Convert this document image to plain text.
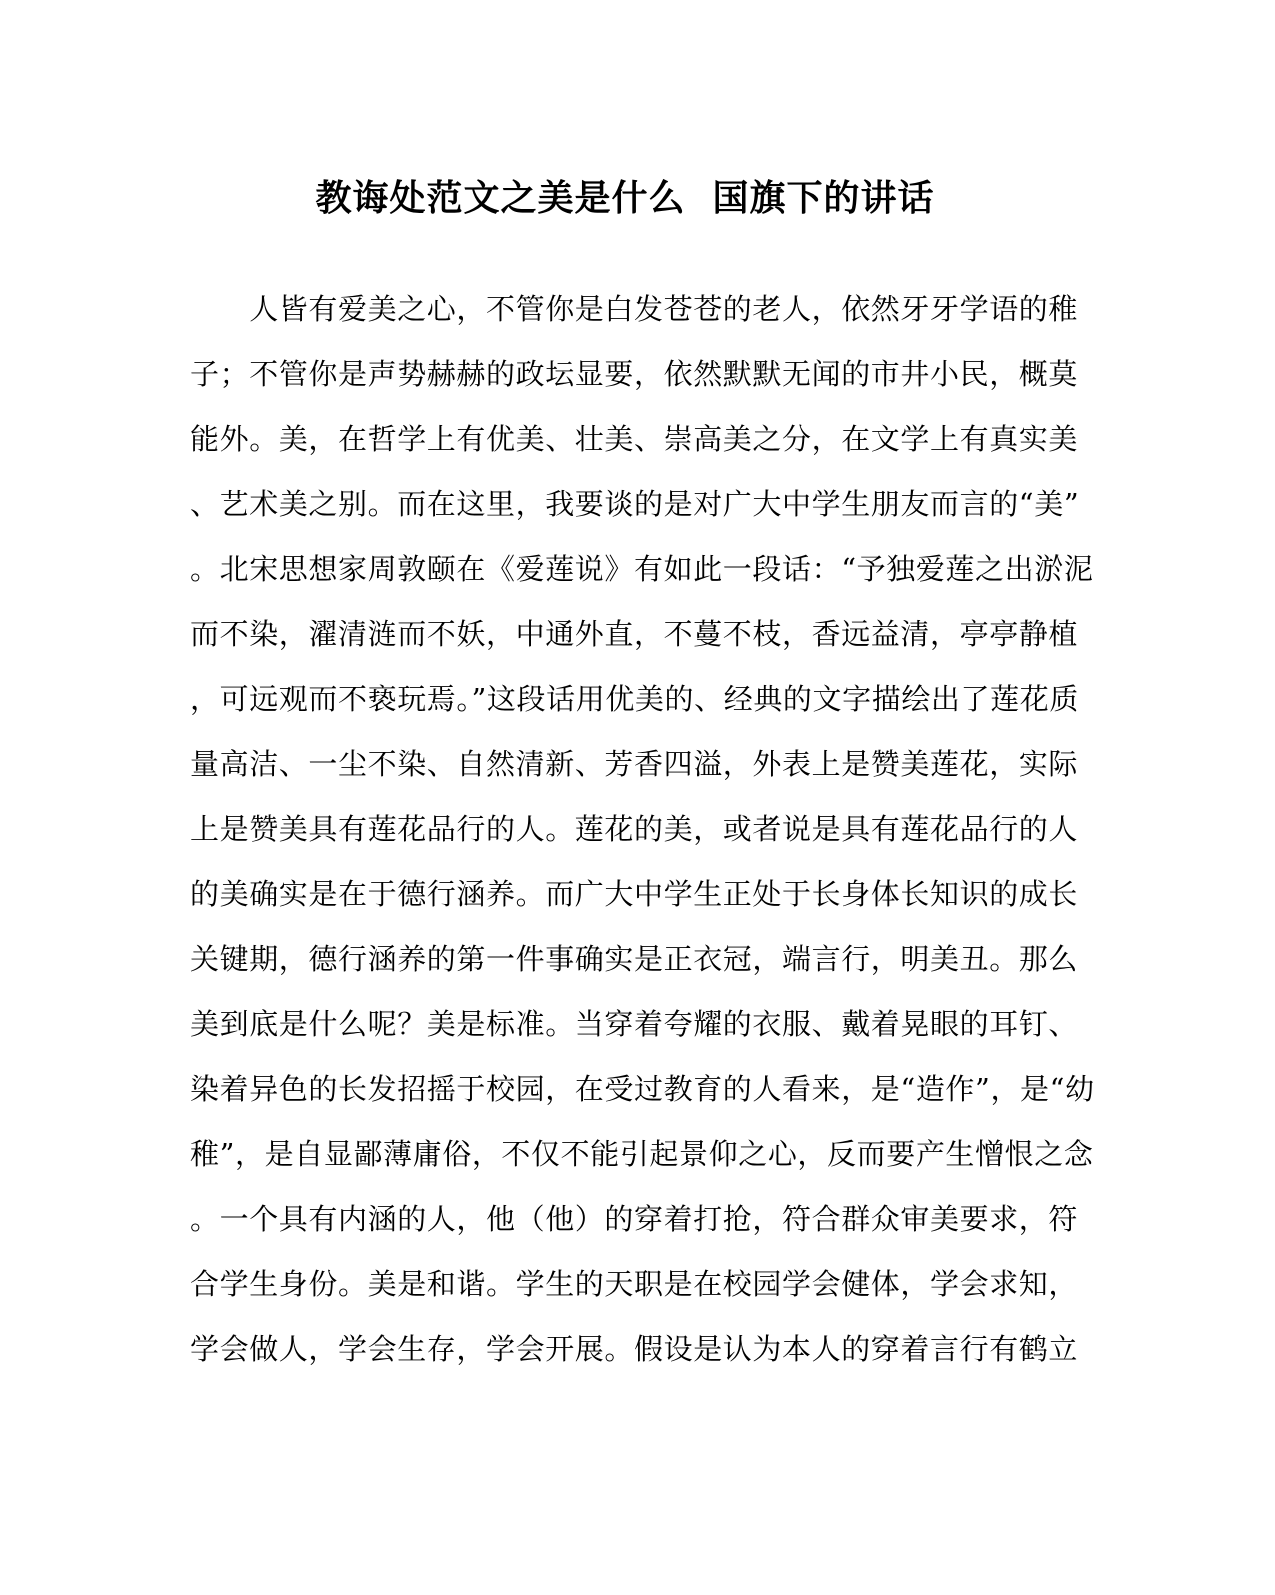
教诲处范文之美是什么  国旗下的讲话
　　人皆有爱美之心，不管你是白发苍苍的老人，依然牙牙学语的稚
子；不管你是声势赫赫的政坛显要，依然默默无闻的市井小民，概莫
能外。美，在哲学上有优美、壮美、崇高美之分，在文学上有真实美
、艺术美之别。而在这里，我要谈的是对广大中学生朋友而言的“美”
。北宋思想家周敦颐在《爱莲说》有如此一段话：“予独爱莲之出淤泥
而不染，濯清涟而不妖，中通外直，不蔓不枝，香远益清，亭亭静植
，可远观而不亵玩焉。”这段话用优美的、经典的文字描绘出了莲花质
量高洁、一尘不染、自然清新、芳香四溢，外表上是赞美莲花，实际
上是赞美具有莲花品行的人。莲花的美，或者说是具有莲花品行的人
的美确实是在于德行涵养。而广大中学生正处于长身体长知识的成长
关键期，德行涵养的第一件事确实是正衣冠，端言行，明美丑。那么
美到底是什么呢？美是标准。当穿着夸耀的衣服、戴着晃眼的耳钉、
染着异色的长发招摇于校园，在受过教育的人看来，是“造作”，是“幼
稚”，是自显鄙薄庸俗，不仅不能引起景仰之心，反而要产生憎恨之念
。一个具有内涵的人，他（他）的穿着打抢，符合群众审美要求，符
合学生身份。美是和谐。学生的天职是在校园学会健体，学会求知，
学会做人，学会生存，学会开展。假设是认为本人的穿着言行有鹤立
